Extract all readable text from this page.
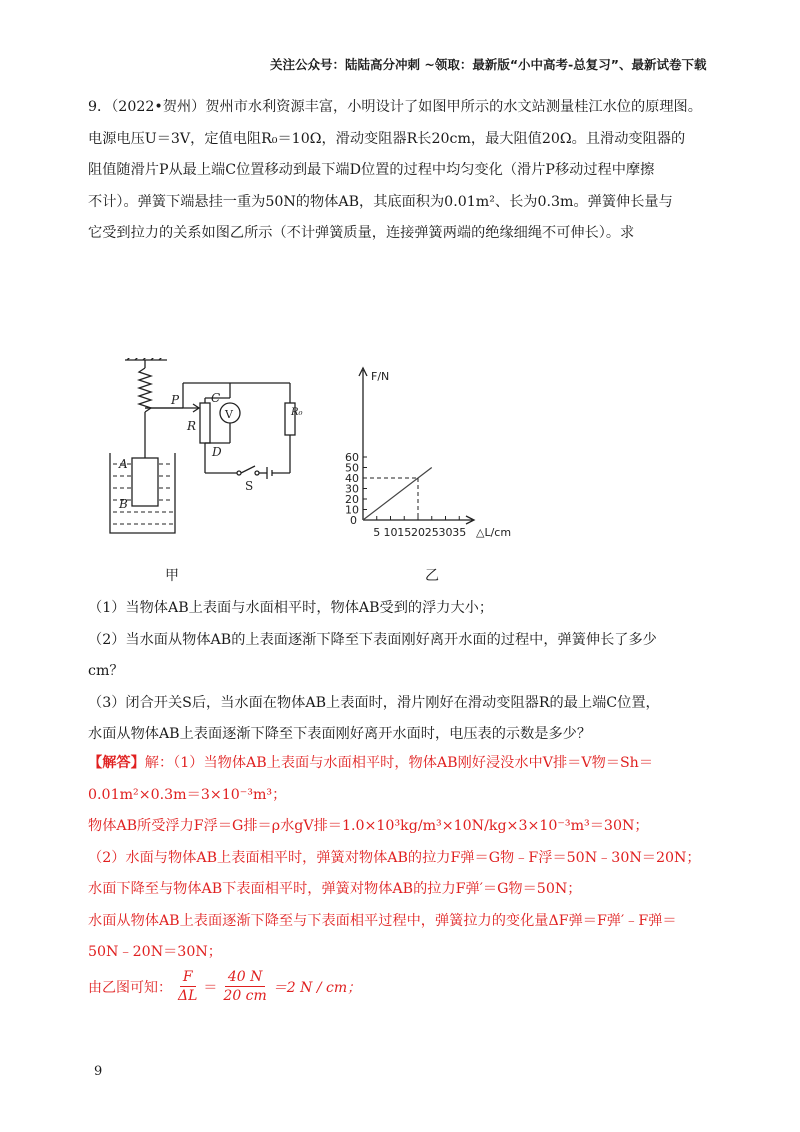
关注公众号：陆陆高分冲刺 ~领取：最新版“小中高考-总复习”、最新试卷下载
9．（2022•贺州）贺州市水利资源丰富，小明设计了如图甲所示的水文站测量桂江水位的原理图。
电源电压U＝3V，定值电阻R₀＝10Ω，滑动变阻器R长20cm，最大阻值20Ω。且滑动变阻器的
阻值随滑片P从最上端C位置移动到最下端D位置的过程中均匀变化（滑片P移动过程中摩擦
不计）。弹簧下端悬挂一重为50N的物体AB，其底面积为0.01m²、长为0.3m。弹簧伸长量与
它受到拉力的关系如图乙所示（不计弹簧质量，连接弹簧两端的绝缘细绳不可伸长）。求
A
B
P	C
R
D
V	R₀
S
10
20
30
40
50
60
5 10 15 20 25 30 35
0
F/N
△L/cm
甲	乙
（1）当物体AB上表面与水面相平时，物体AB受到的浮力大小；
（2）当水面从物体AB的上表面逐渐下降至下表面刚好离开水面的过程中，弹簧伸长了多少
cm？
（3）闭合开关S后，当水面在物体AB上表面时，滑片刚好在滑动变阻器R的最上端C位置，
水面从物体AB上表面逐渐下降至下表面刚好离开水面时，电压表的示数是多少？
【解答】解：（1）当物体AB上表面与水面相平时，物体AB刚好浸没水中V排＝V物＝Sh＝
0.01m²×0.3m＝3×10⁻³m³；
物体AB所受浮力F浮＝G排＝ρ水gV排＝1.0×10³kg/m³×10N/kg×3×10⁻³m³＝30N；
（2）水面与物体AB上表面相平时，弹簧对物体AB的拉力F弹＝G物﹣F浮＝50N﹣30N＝20N；
水面下降至与物体AB下表面相平时，弹簧对物体AB的拉力F弹′＝G物＝50N；
水面从物体AB上表面逐渐下降至与下表面相平过程中，弹簧拉力的变化量ΔF弹＝F弹′﹣F弹＝
50N﹣20N＝30N；
由乙图可知： $\frac{F}{\Delta L} = \frac{40 N}{20 cm} =2$ N / cm；
9
